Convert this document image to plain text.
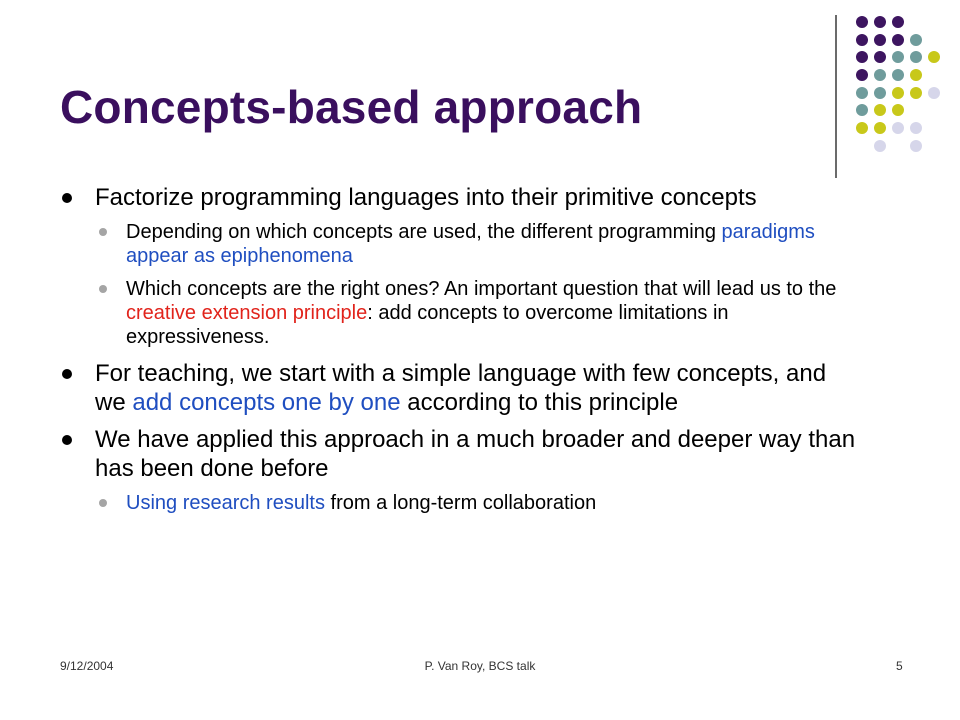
Concepts-based approach
Factorize programming languages into their primitive concepts
Depending on which concepts are used, the different programming paradigms appear as epiphenomena
Which concepts are the right ones? An important question that will lead us to the creative extension principle: add concepts to overcome limitations in expressiveness.
For teaching, we start with a simple language with few concepts, and we add concepts one by one according to this principle
We have applied this approach in a much broader and deeper way than has been done before
Using research results from a long-term collaboration
9/12/2004	P. Van Roy, BCS talk	5
